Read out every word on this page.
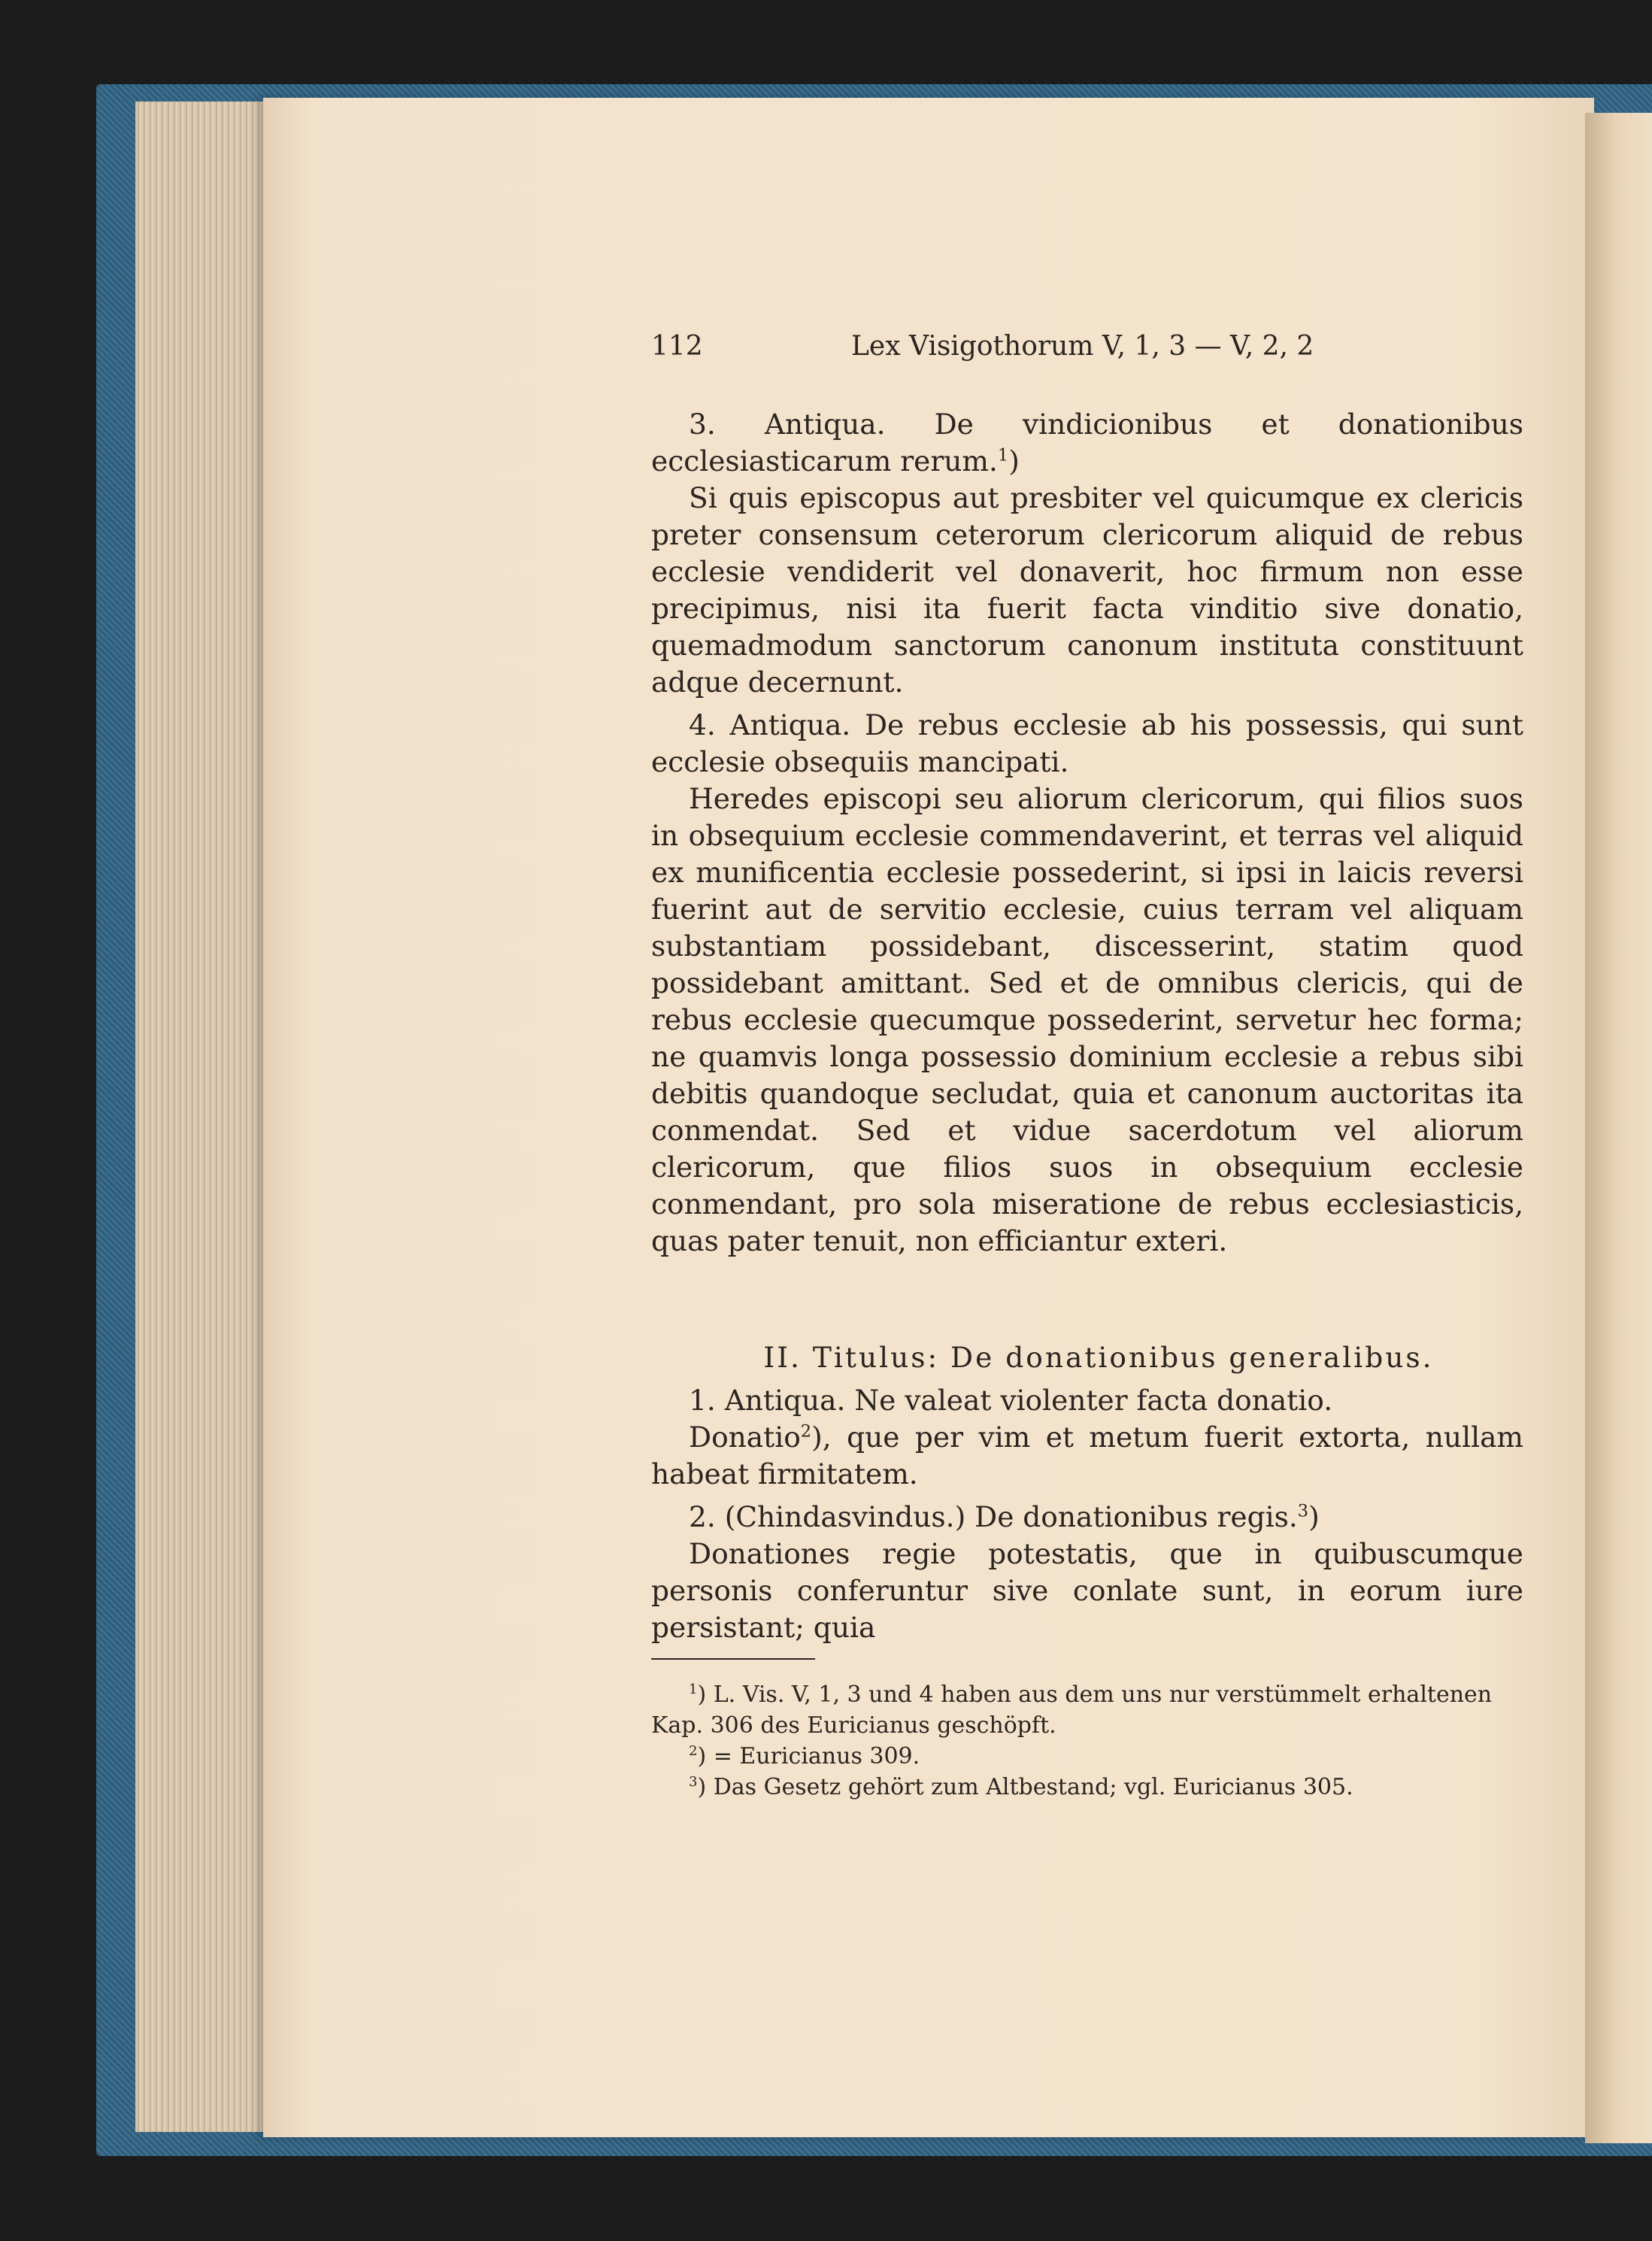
112	Lex Visigothorum V, 1, 3 — V, 2, 2

3. Antiqua. De vindicionibus et donationibus ecclesiasticarum rerum.$^1$)

Si quis episcopus aut presbiter vel quicumque ex clericis preter consensum ceterorum clericorum aliquid de rebus ecclesie vendiderit vel donaverit, hoc firmum non esse precipimus, nisi ita fuerit facta vinditio sive donatio, quemadmodum sanctorum canonum instituta constituunt adque decernunt.

4. Antiqua. De rebus ecclesie ab his possessis, qui sunt ecclesie obsequiis mancipati.

Heredes episcopi seu aliorum clericorum, qui filios suos in obsequium ecclesie commendaverint, et terras vel aliquid ex munificentia ecclesie possederint, si ipsi in laicis reversi fuerint aut de servitio ecclesie, cuius terram vel aliquam substantiam possidebant, discesserint, statim quod possidebant amittant. Sed et de omnibus clericis, qui de rebus ecclesie quecumque possederint, servetur hec forma; ne quamvis longa possessio dominium ecclesie a rebus sibi debitis quandoque secludat, quia et canonum auctoritas ita conmendat. Sed et vidue sacerdotum vel aliorum clericorum, que filios suos in obsequium ecclesie conmendant, pro sola miseratione de rebus ecclesiasticis, quas pater tenuit, non efficiantur exteri.

II. Titulus: De donationibus generalibus.

1. Antiqua. Ne valeat violenter facta donatio.

Donatio$^2$), que per vim et metum fuerit extorta, nullam habeat firmitatem.

2. (Chindasvindus.) De donationibus regis.$^3$)

Donationes regie potestatis, que in quibuscumque personis conferuntur sive conlate sunt, in eorum iure persistant; quia

$^1$) L. Vis. V, 1, 3 und 4 haben aus dem uns nur verstümmelt erhaltenen Kap. 306 des Euricianus geschöpft.

$^2$) = Euricianus 309.

$^3$) Das Gesetz gehört zum Altbestand; vgl. Euricianus 305.
